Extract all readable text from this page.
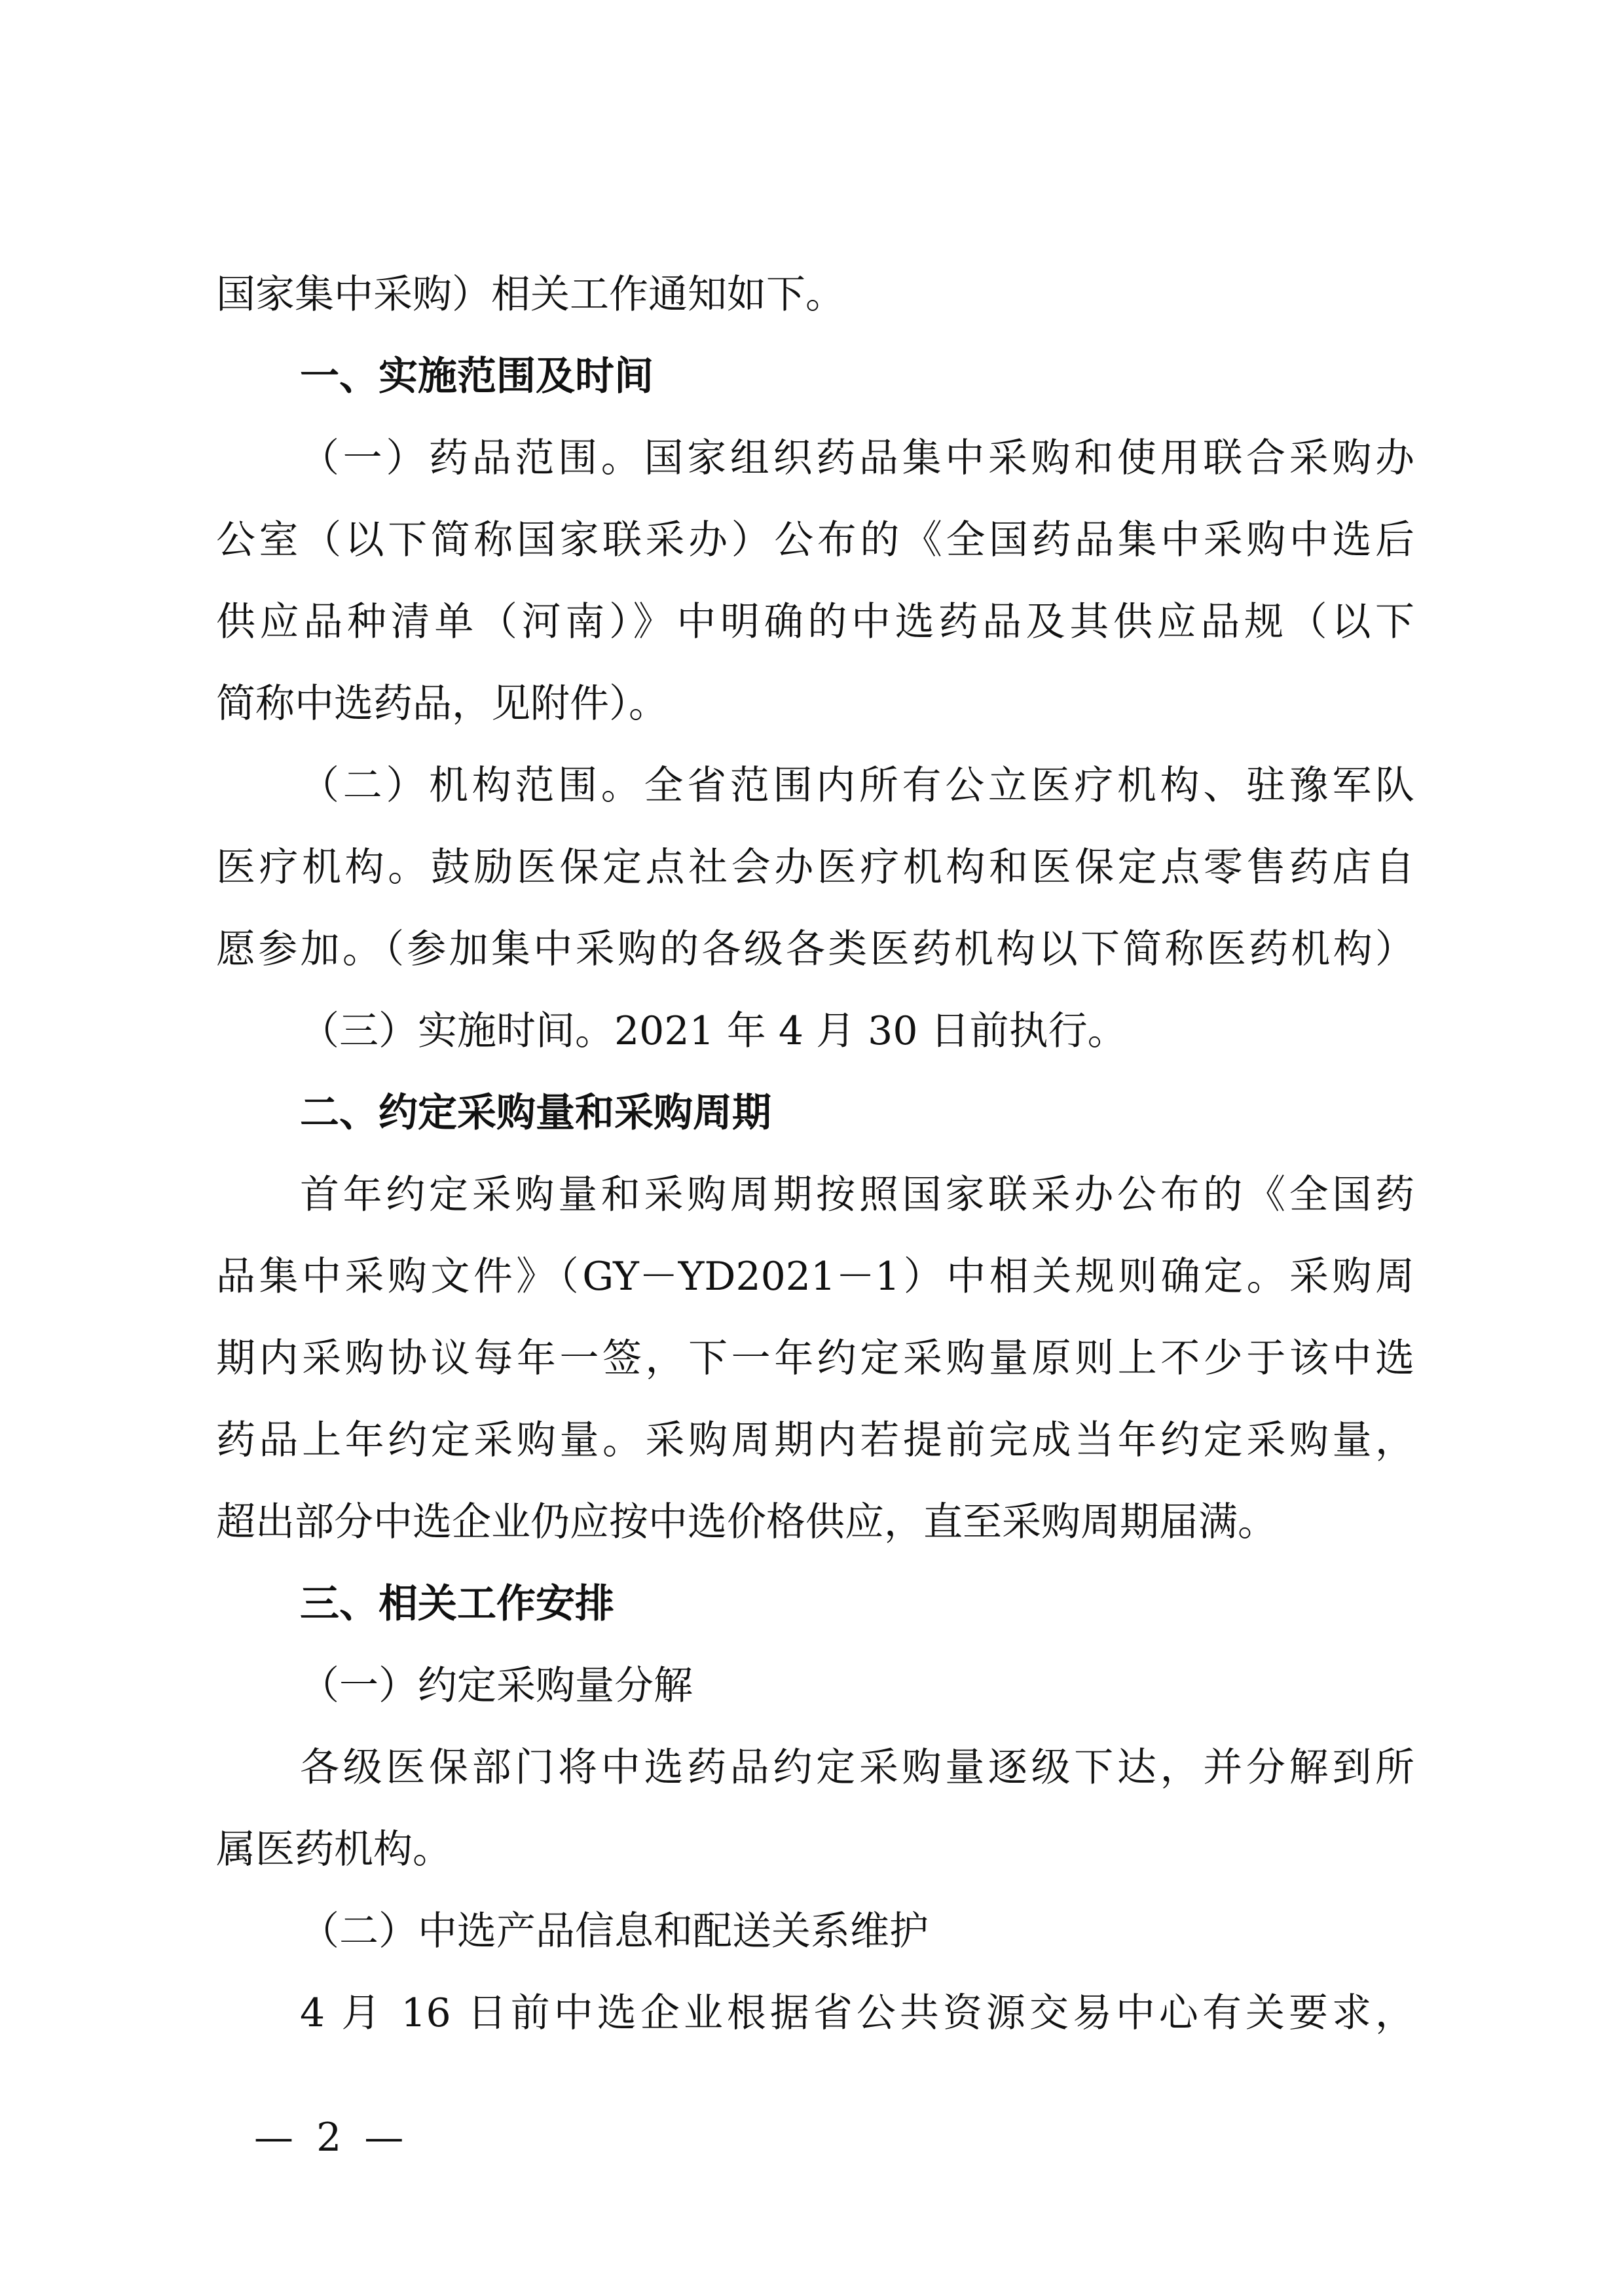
国家集中采购）相关工作通知如下。
一、实施范围及时间
（一）药品范围。国家组织药品集中采购和使用联合采购办
公室（以下简称国家联采办）公布的《全国药品集中采购中选后
供应品种清单（河南）》中明确的中选药品及其供应品规（以下
简称中选药品，见附件）。
（二）机构范围。全省范围内所有公立医疗机构、驻豫军队
医疗机构。鼓励医保定点社会办医疗机构和医保定点零售药店自
愿参加。（参加集中采购的各级各类医药机构以下简称医药机构）
（三）实施时间。2021 年 4 月 30 日前执行。
二、约定采购量和采购周期
首年约定采购量和采购周期按照国家联采办公布的《全国药
品集中采购文件》（GY－YD2021－1）中相关规则确定。采购周
期内采购协议每年一签，下一年约定采购量原则上不少于该中选
药品上年约定采购量。采购周期内若提前完成当年约定采购量，
超出部分中选企业仍应按中选价格供应，直至采购周期届满。
三、相关工作安排
（一）约定采购量分解
各级医保部门将中选药品约定采购量逐级下达，并分解到所
属医药机构。
（二）中选产品信息和配送关系维护
4 月 16 日前中选企业根据省公共资源交易中心有关要求，
— 2 —
